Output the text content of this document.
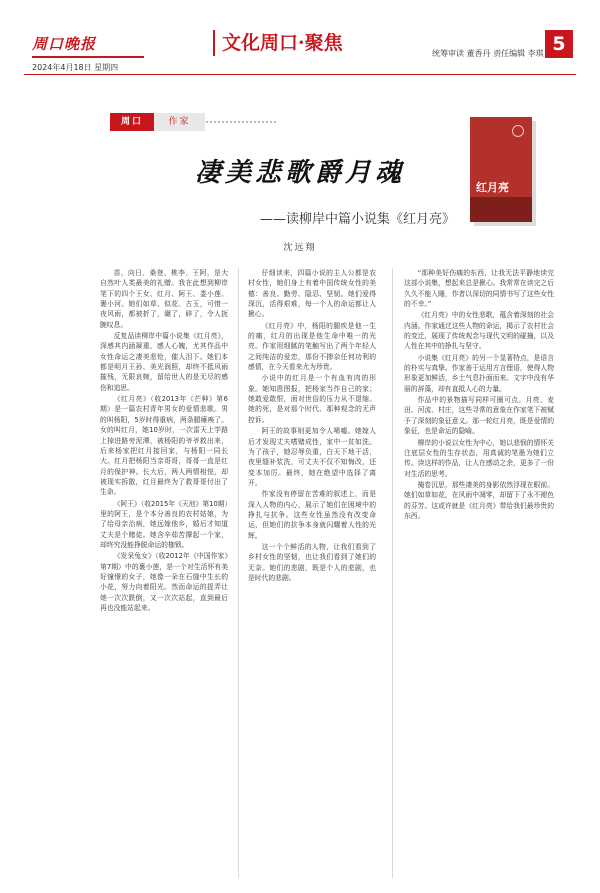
周口晚报
2024年4月18日 星期四
文化周口·聚焦	统筹审读 董香丹 责任编辑 李琪 5
周口	作家
红月亮
凄美悲歌爵月魂
——读柳岸中篇小说集《红月亮》
沈远翔

苗、向日、桑登、桃李、王阿，是大自然叶人类最美的礼赠。我在此想到柳岸笔下的四个王女、红月、阿王、娄小莲、裹小河。她们如草、似花、古玉，可惜一夜风雨，都被折了，碾了，碎了，令人扼腕叹息。

反复品读柳岸中篇小说集《红月亮》，深感其内涵凝重，感人心魄，尤其作品中女性命运之凄美悲怆，催人泪下。她们本都是明月王孙、美光润照，却终不抵风雨摧残，无限哀婉，留给世人的是无尽的感伤和追思。

《红月亮》（收2013年《芒种》第6期）是一篇农村青年男女的爱情悲歌。男的叫杨阳，5岁时得重病，两条腿瘫痪了。女的叫红月，她10岁时，一次雷天上学路上掉进路旁泥潭，被杨阳的爷爷救出来，后来杨家把红月接回家，与杨阳一同长大。红月把杨阳当亲哥哥，哥哥一直是红月的保护神。长大后，两人两情相悦，却被现实拆散，红月最终为了救哥哥付出了生命。

《阿王》（收2015年《天池》第10期）里的阿王，是个本分善良的农村姑娘，为了给母亲治病，她远嫁他乡，婚后才知道丈夫是个赌徒。她含辛茹苦撑起一个家，却终究没能挣脱命运的枷锁。

《发呆兔女》（收2012年《中国作家》第7期）中的裹小莲，是一个对生活怀有美好憧憬的女子，她像一朵在石缝中生长的小花，努力向着阳光。然而命运的捉弄让她一次次跌倒，又一次次站起，直到最后再也没能站起来。

仔细读来，四篇小说的主人公都是农村女性，她们身上有着中国传统女性的美德：善良、勤劳、隐忍、坚韧。她们爱得深沉，活得艰难，每一个人的命运都让人揪心。

《红月亮》中，杨阳的腿疾是他一生的痛，红月的出现是他生命中唯一的光亮。作家用细腻的笔触写出了两个年轻人之间纯洁的爱恋，那份不掺杂任何功利的感情，在今天看来尤为珍贵。

小说中的红月是一个有血有肉的形象。她知恩图报，把杨家当作自己的家；她敢爱敢恨，面对世俗的压力从不退缩。她的死，是对那个时代、那种观念的无声控诉。

阿王的故事则更加令人唏嘘。她嫁人后才发现丈夫嗜赌成性，家中一贫如洗。为了孩子，她忍辱负重，白天下地干活，夜里缝补浆洗，可丈夫不仅不知悔改，还变本加厉。最终，她在绝望中选择了离开。

作家没有停留在苦难的叙述上，而是深入人物的内心，展示了她们在困境中的挣扎与抗争。这些女性虽然没有改变命运，但她们的抗争本身就闪耀着人性的光辉。

这一个个鲜活的人物，让我们看到了乡村女性的坚韧，也让我们看到了她们的无奈。她们的悲剧，既是个人的悲剧，也是时代的悲剧。

“那种美好伤痛的东西，让我无法平静地读完这部小说集，想起来总是揪心。我常常在读完之后久久不能入睡，作者以深切的同情书写了这些女性的不幸。”

《红月亮》中的女性悲歌，蕴含着深刻的社会内涵。作家通过这些人物的命运，揭示了农村社会的变迁，展现了传统观念与现代文明的碰撞，以及人性在其中的挣扎与坚守。

小说集《红月亮》的另一个显著特点，是语言的朴实与真挚。作家善于运用方言俚语，使得人物形象更加鲜活，乡土气息扑面而来。文字中没有华丽的辞藻，却有直抵人心的力量。

作品中的景物描写同样可圈可点。月亮、麦田、河流、村庄，这些寻常的意象在作家笔下被赋予了深刻的象征意义。那一轮红月亮，既是爱情的象征，也是命运的隐喻。

柳岸的小说以女性为中心，她以悲悯的情怀关注底层女性的生存状态，用真诚的笔墨为她们立传。读这样的作品，让人在感动之余，更多了一份对生活的思考。

掩卷沉思，那些凄美的身影依然浮现在眼前。她们如草如花，在风雨中凋零，却留下了永不褪色的芬芳。这或许就是《红月亮》带给我们最珍贵的东西。
